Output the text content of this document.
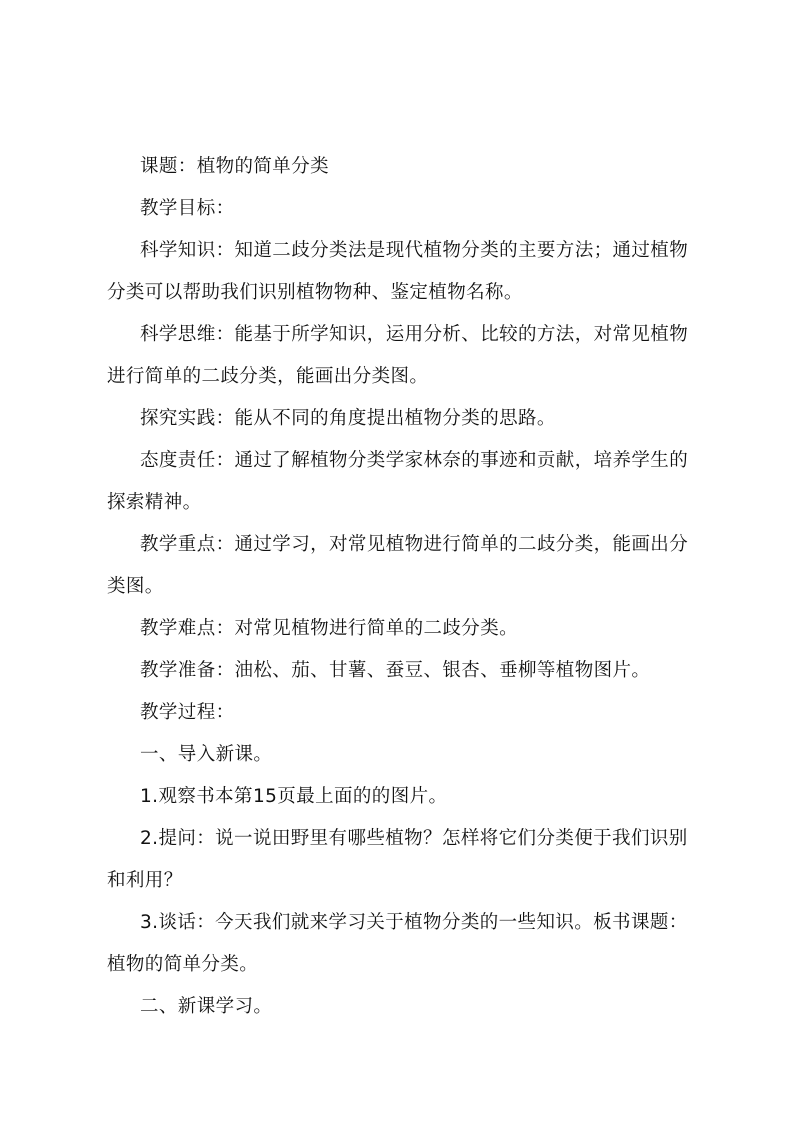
课题：植物的简单分类

教学目标：

科学知识：知道二歧分类法是现代植物分类的主要方法；通过植物分类可以帮助我们识别植物物种、鉴定植物名称。

科学思维：能基于所学知识，运用分析、比较的方法，对常见植物进行简单的二歧分类，能画出分类图。

探究实践：能从不同的角度提出植物分类的思路。

态度责任：通过了解植物分类学家林奈的事迹和贡献，培养学生的探索精神。

教学重点：通过学习，对常见植物进行简单的二歧分类，能画出分类图。

教学难点：对常见植物进行简单的二歧分类。

教学准备：油松、茄、甘薯、蚕豆、银杏、垂柳等植物图片。

教学过程：

一、导入新课。

1.观察书本第15页最上面的的图片。

2.提问：说一说田野里有哪些植物？怎样将它们分类便于我们识别和利用？

3.谈话：今天我们就来学习关于植物分类的一些知识。板书课题：植物的简单分类。

二、新课学习。
